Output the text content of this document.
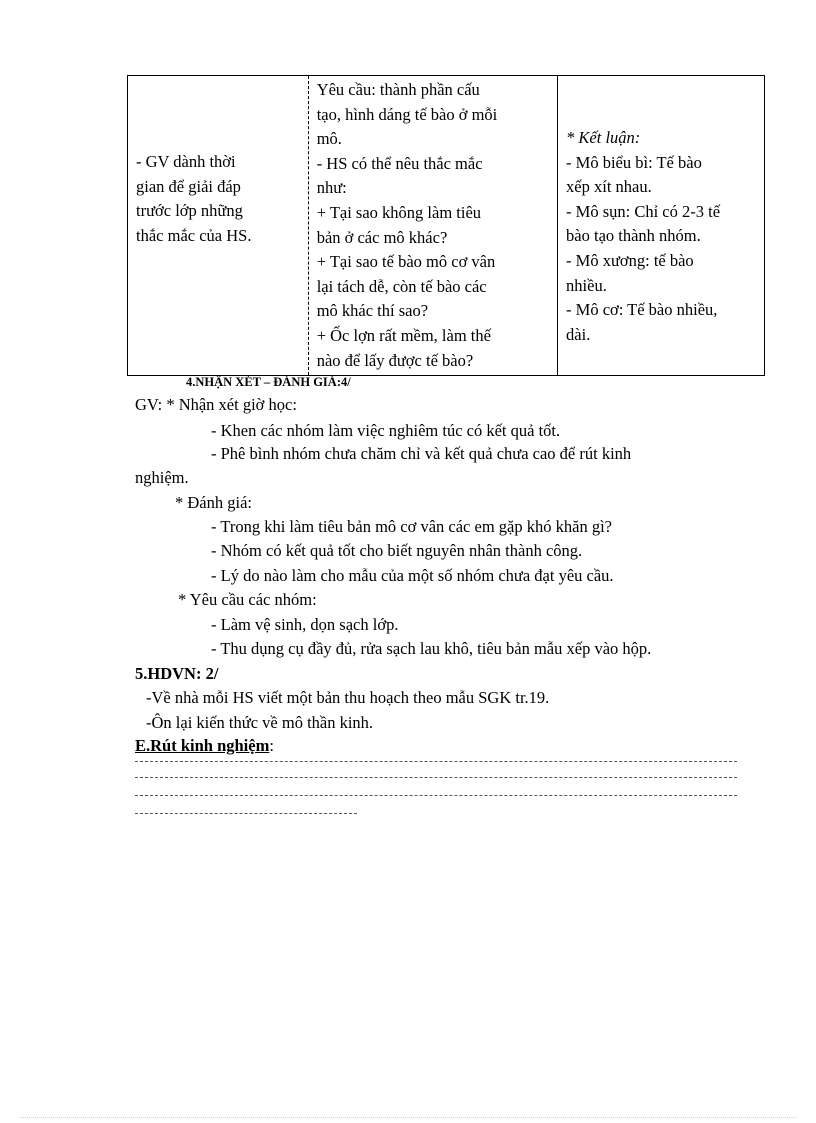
- GV dành thời
gian để giải đáp
trước lớp những
thắc mắc của HS.

Yêu cầu: thành phần cấu
tạo, hình dáng tế bào ở mỗi
mô.
- HS có thể nêu thắc mắc
như:
+ Tại sao không làm tiêu
bản ở các mô khác?
+ Tại sao tế bào mô cơ vân
lại tách dễ, còn tế bào các
mô khác thí sao?
+ Ốc lợn rất mềm, làm thế
nào để lấy được tế bào?

* Kết luận:
- Mô biểu bì: Tế bào
xếp xít nhau.
- Mô sụn: Chỉ có 2-3 tế
bào tạo thành nhóm.
- Mô xương: tế bào
nhiều.
- Mô cơ: Tế bào nhiều,
dài.
4.NHẬN XÉT – ĐÁNH GIÁ:4/
GV: * Nhận xét giờ học:
- Khen các nhóm làm việc nghiêm túc có kết quả tốt.
- Phê bình nhóm chưa chăm chỉ và kết quả chưa cao để rút kinh
nghiệm.
* Đánh giá:
- Trong khi làm tiêu bản mô cơ vân các em gặp khó khăn gì?
- Nhóm có kết quả tốt cho biết nguyên nhân thành công.
- Lý do nào làm cho mẫu của một số nhóm chưa đạt yêu cầu.
* Yêu cầu các nhóm:
- Làm vệ sinh, dọn sạch lớp.
- Thu dụng cụ đầy đủ, rửa sạch lau khô, tiêu bản mẫu xếp vào hộp.
5.HDVN: 2/
-Về nhà mỗi HS viết một bản thu hoạch theo mẫu SGK tr.19.
-Ôn lại kiến thức về mô thần kinh.
E.Rút kinh nghiệm:
